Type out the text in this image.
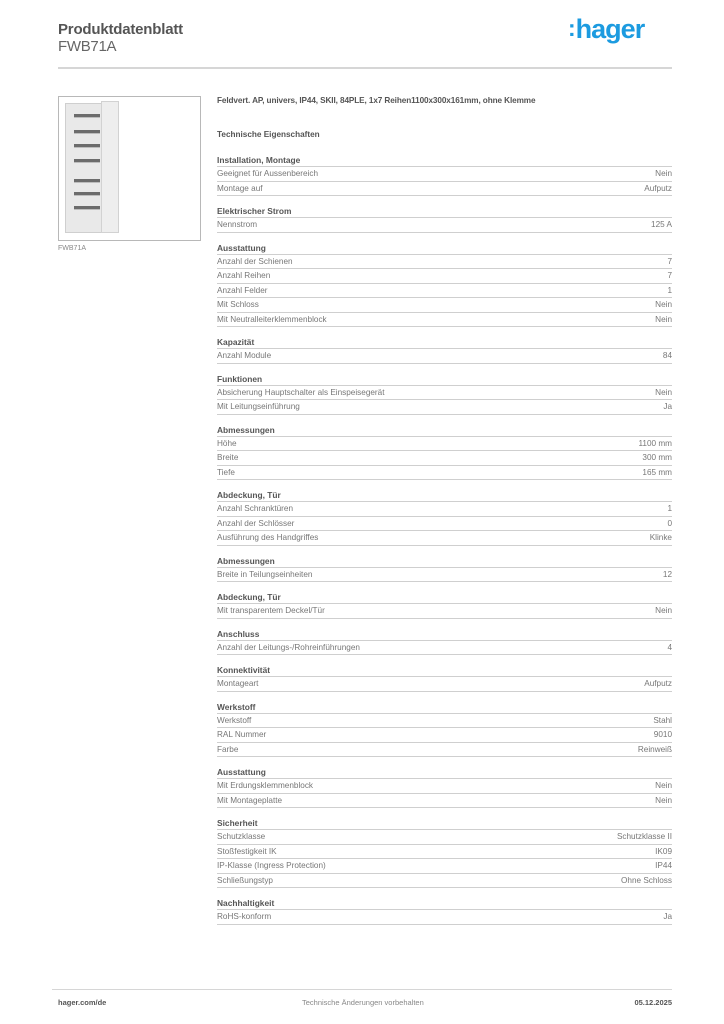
Produktdatenblatt
FWB71A
:hager
FWB71A
Feldvert. AP, univers, IP44, SKII, 84PLE, 1x7 Reihen1100x300x161mm, ohne Klemme
Technische Eigenschaften
Installation, Montage
Geeignet für Aussenbereich	Nein
Montage auf	Aufputz
Elektrischer Strom
Nennstrom	125 A
Ausstattung
Anzahl der Schienen	7
Anzahl Reihen	7
Anzahl Felder	1
Mit Schloss	Nein
Mit Neutralleiterklemmenblock	Nein
Kapazität
Anzahl Module	84
Funktionen
Absicherung Hauptschalter als Einspeisegerät	Nein
Mit Leitungseinführung	Ja
Abmessungen
Höhe	1100 mm
Breite	300 mm
Tiefe	165 mm
Abdeckung, Tür
Anzahl Schranktüren	1
Anzahl der Schlösser	0
Ausführung des Handgriffes	Klinke
Abmessungen
Breite in Teilungseinheiten	12
Abdeckung, Tür
Mit transparentem Deckel/Tür	Nein
Anschluss
Anzahl der Leitungs-/Rohreinführungen	4
Konnektivität
Montageart	Aufputz
Werkstoff
Werkstoff	Stahl
RAL Nummer	9010
Farbe	Reinweiß
Ausstattung
Mit Erdungsklemmenblock	Nein
Mit Montageplatte	Nein
Sicherheit
Schutzklasse	Schutzklasse II
Stoßfestigkeit IK	IK09
IP-Klasse (Ingress Protection)	IP44
Schließungstyp	Ohne Schloss
Nachhaltigkeit
RoHS-konform	Ja
hager.com/de	Technische Änderungen vorbehalten	05.12.2025
